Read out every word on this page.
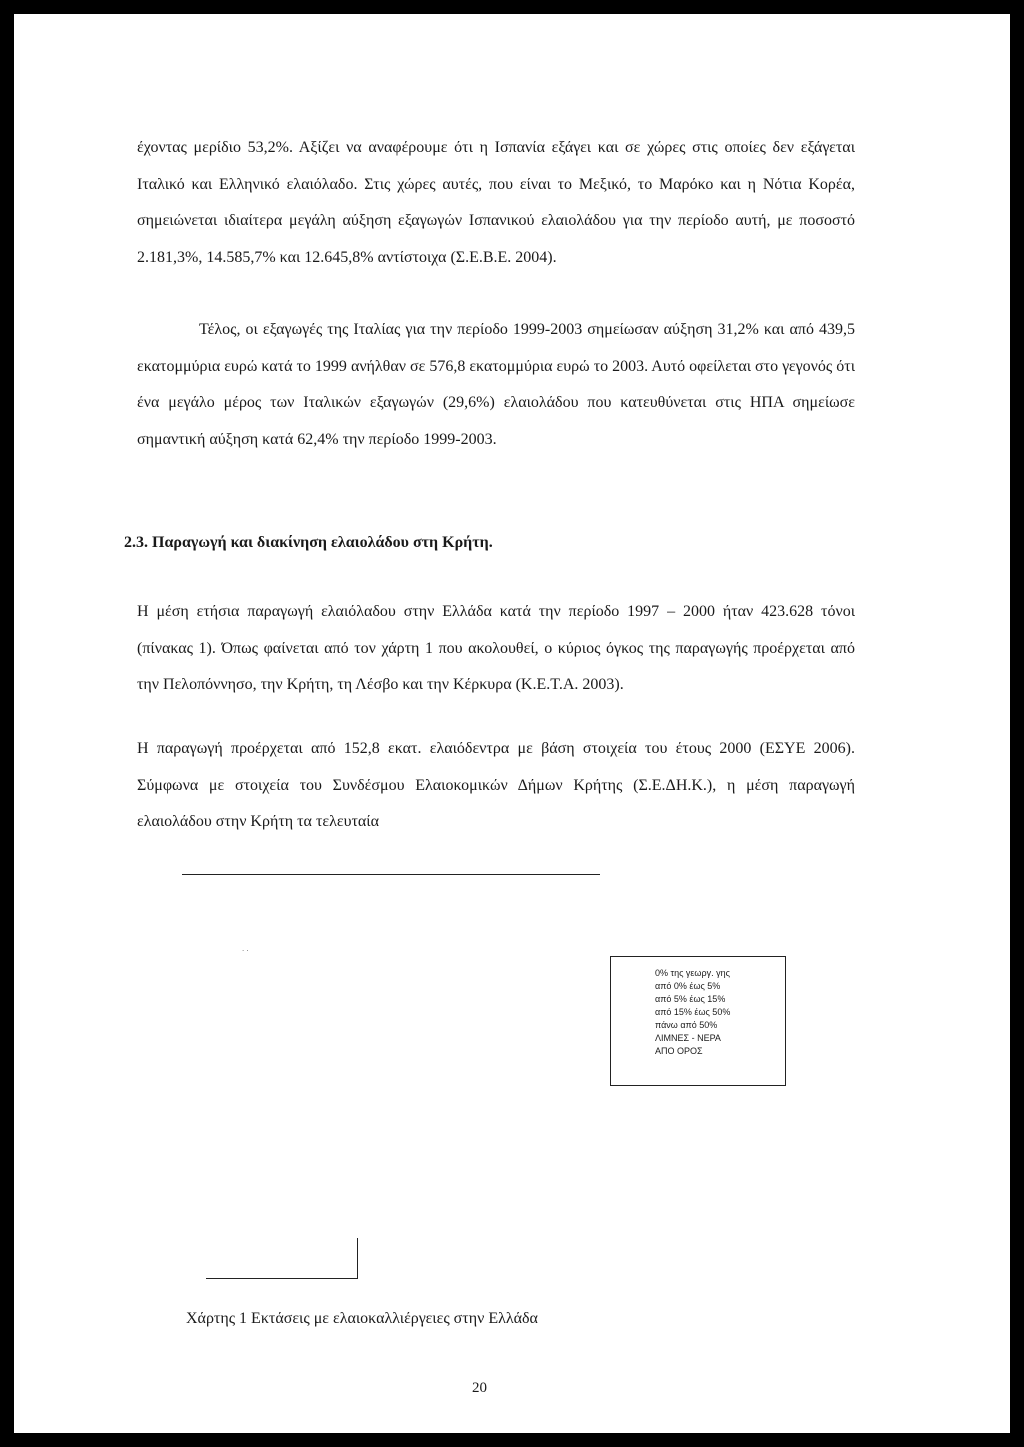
έχοντας μερίδιο 53,2%. Αξίζει να αναφέρουμε ότι η Ισπανία εξάγει και σε χώρες στις οποίες δεν εξάγεται Ιταλικό και Ελληνικό ελαιόλαδο. Στις χώρες αυτές, που είναι το Μεξικό, το Μαρόκο και η Νότια Κορέα, σημειώνεται ιδιαίτερα μεγάλη αύξηση εξαγωγών Ισπανικού ελαιολάδου για την περίοδο αυτή, με ποσοστό 2.181,3%, 14.585,7% και 12.645,8% αντίστοιχα (Σ.Ε.Β.Ε. 2004).

Τέλος, οι εξαγωγές της Ιταλίας για την περίοδο 1999-2003 σημείωσαν αύξηση 31,2% και από 439,5 εκατομμύρια ευρώ κατά το 1999 ανήλθαν σε 576,8 εκατομμύρια ευρώ το 2003. Αυτό οφείλεται στο γεγονός ότι ένα μεγάλο μέρος των Ιταλικών εξαγωγών (29,6%) ελαιολάδου που κατευθύνεται στις ΗΠΑ σημείωσε σημαντική αύξηση κατά 62,4% την περίοδο 1999-2003.

2.3. Παραγωγή και διακίνηση ελαιολάδου στη Κρήτη.

Η μέση ετήσια παραγωγή ελαιόλαδου στην Ελλάδα κατά την περίοδο 1997 – 2000 ήταν 423.628 τόνοι (πίνακας 1). Όπως φαίνεται από τον χάρτη 1 που ακολουθεί, ο κύριος όγκος της παραγωγής προέρχεται από την Πελοπόννησο, την Κρήτη, τη Λέσβο και την Κέρκυρα (Κ.Ε.Τ.Α. 2003).

Η παραγωγή προέρχεται από 152,8 εκατ. ελαιόδεντρα με βάση στοιχεία του έτους 2000 (ΕΣΥΕ 2006). Σύμφωνα με στοιχεία του Συνδέσμου Ελαιοκομικών Δήμων Κρήτης (Σ.Ε.ΔΗ.Κ.), η μέση παραγωγή ελαιολάδου στην Κρήτη τα τελευταία

. .
0% της γεωργ. γης
από 0% έως 5%
από 5% έως 15%
από 15% έως 50%
πάνω από 50%
ΛΙΜΝΕΣ - ΝΕΡΑ
ΑΠΟ ΟΡΟΣ

Χάρτης 1 Εκτάσεις με ελαιοκαλλιέργειες στην Ελλάδα

20
